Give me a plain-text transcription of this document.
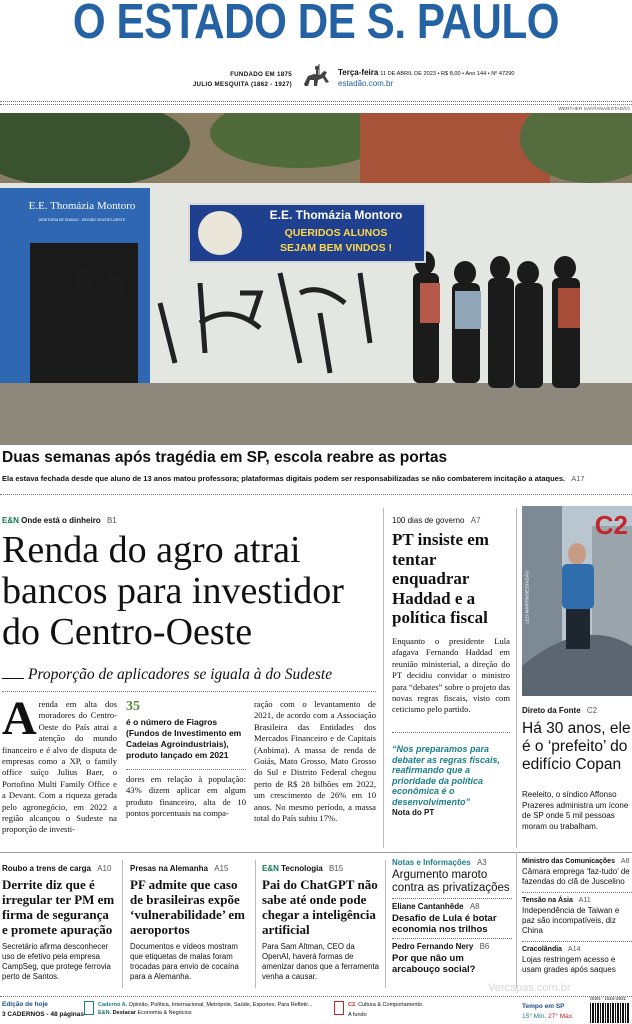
O ESTADO DE S. PAULO
FUNDADO EM 1875
JULIO MESQUITA (1862 - 1927)
Terça-feira 11 DE ABRIL DE 2023 • R$ 8,00 • Ano 144 • Nº 47290
estadão.com.br
WERTHER SANTANA/ESTADÃO
E.E. Thomázia Montoro
DIRETORIA DE ENSINO - REGIÃO CENTRO-OESTE	E.E. Thomázia Montoro
QUERIDOS ALUNOS
SEJAM BEM VINDOS !
Duas semanas após tragédia em SP, escola reabre as portas
Ela estava fechada desde que aluno de 13 anos matou professora; plataformas digitais podem ser responsabilizadas se não combaterem incitação a ataques. A17
E&N Onde está o dinheiro B1
Renda do agro atrai bancos para investidor do Centro-Oeste
Proporção de aplicadores se iguala à do Sudeste
A renda em alta dos moradores do Centro-Oeste do País atrai a atenção do mundo financeiro e é alvo de disputa de empresas como a XP, o family office suíço Julius Baer, o Portofino Multi Family Office e a Devant. Com a riqueza gerada pelo agronegócio, em 2022 a região alcançou o Sudeste na proporção de investi-
35
é o número de Fiagros (Fundos de Investimento em Cadeias Agroindustriais), produto lançado em 2021
dores em relação à população: 43% dizem aplicar em algum produto financeiro, alta de 10 pontos porcentuais na compa-
ração com o levantamento de 2021, de acordo com a Associação Brasileira das Entidades dos Mercados Financeiro e de Capitais (Anbima). A massa de renda de Goiás, Mato Grosso, Mato Grosso do Sul e Distrito Federal chegou perto de R$ 28 bilhões em 2022, um crescimento de 26% em 10 anos. No mesmo período, a massa total do País subiu 17%.
100 dias de governo A7
PT insiste em tentar enquadrar Haddad e a política fiscal
Enquanto o presidente Lula afagava Fernando Haddad em reunião ministerial, a direção do PT decidiu convidar o ministro para “debates” sobre o projeto das novas regras fiscais, visto com ceticismo pelo partido.
“Nos preparamos para debater as regras fiscais, reafirmando que a prioridade da política econômica é o desenvolvimento”
Nota do PT
C2
LEO MARTINS/ESTADÃO
Direto da Fonte C2
Há 30 anos, ele é o ‘prefeito’ do edifício Copan
Reeleito, o síndico Affonso Prazeres administra um ícone de SP onde 5 mil pessoas moram ou trabalham.
Roubo a trens de carga A10
Derrite diz que é irregular ter PM em firma de segurança e promete apuração
Secretário afirma desconhecer uso de efetivo pela empresa CampSeg, que protege ferrovia perto de Santos.
Presas na Alemanha A15
PF admite que caso de brasileiras expõe ‘vulnerabilidade’ em aeroportos
Documentos e vídeos mostram que etiquetas de malas foram trocadas para envio de cocaína para a Alemanha.
E&N Tecnologia B15
Pai do ChatGPT não sabe até onde pode chegar a inteligência artificial
Para Sam Altman, CEO da OpenAI, haverá formas de amenizar danos que a ferramenta venha a causar.
Notas e Informações A3
Argumento maroto contra as privatizações
Eliane Cantanhêde A8
Desafio de Lula é botar economia nos trilhos
Pedro Fernando Nery B6
Por que não um arcabouço social?
Ministro das Comunicações A8
Câmara emprega ‘faz-tudo’ de fazendas do clã de Juscelino
Tensão na Ásia A11
Independência de Taiwan e paz são incompatíveis, diz China
Cracolândia A14
Lojas restringem acesso e usam grades após saques
Edição de hoje
3 CADERNOS - 48 páginas
Caderno A. Opinião, Política, Internacional, Metrópole, Saúde, Esportes, Para Refletir...
E&N. Destacar Economia & Negócios
C2. Cultura & Comportamento.
A fundo
Vercapas.com.br
Tempo em SP
15° Mín. 27° Máx.
ISSN - 1516-2931
